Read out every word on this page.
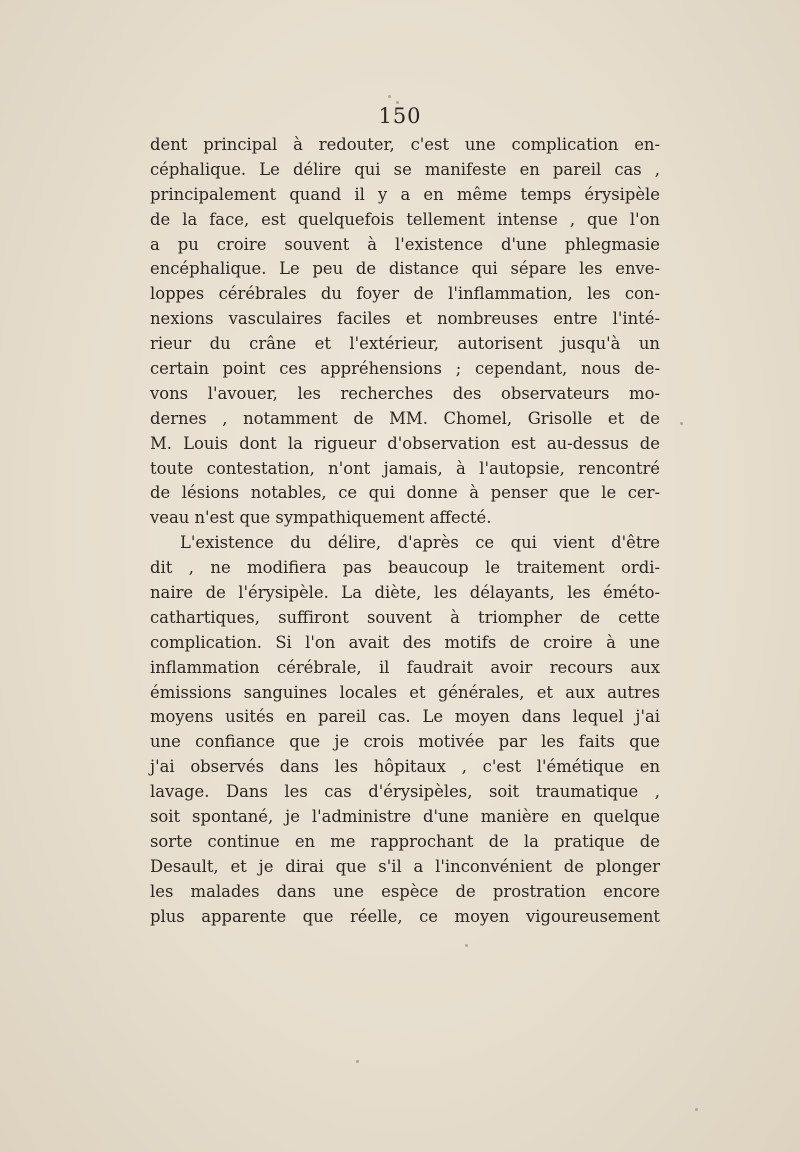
150
dent principal à redouter, c'est une complication en-
céphalique. Le délire qui se manifeste en pareil cas ,
principalement quand il y a en même temps érysipèle
de la face, est quelquefois tellement intense , que l'on
a pu croire souvent à l'existence d'une phlegmasie
encéphalique. Le peu de distance qui sépare les enve-
loppes cérébrales du foyer de l'inflammation, les con-
nexions vasculaires faciles et nombreuses entre l'inté-
rieur du crâne et l'extérieur, autorisent jusqu'à un
certain point ces appréhensions ; cependant, nous de-
vons l'avouer, les recherches des observateurs mo-
dernes , notamment de MM. Chomel, Grisolle et de
M. Louis dont la rigueur d'observation est au-dessus de
toute contestation, n'ont jamais, à l'autopsie, rencontré
de lésions notables, ce qui donne à penser que le cer-
veau n'est que sympathiquement affecté.
L'existence du délire, d'après ce qui vient d'être
dit , ne modifiera pas beaucoup le traitement ordi-
naire de l'érysipèle. La diète, les délayants, les éméto-
cathartiques, suffiront souvent à triompher de cette
complication. Si l'on avait des motifs de croire à une
inflammation cérébrale, il faudrait avoir recours aux
émissions sanguines locales et générales, et aux autres
moyens usités en pareil cas. Le moyen dans lequel j'ai
une confiance que je crois motivée par les faits que
j'ai observés dans les hôpitaux , c'est l'émétique en
lavage. Dans les cas d'érysipèles, soit traumatique ,
soit spontané, je l'administre d'une manière en quelque
sorte continue en me rapprochant de la pratique de
Desault, et je dirai que s'il a l'inconvénient de plonger
les malades dans une espèce de prostration encore
plus apparente que réelle, ce moyen vigoureusement
